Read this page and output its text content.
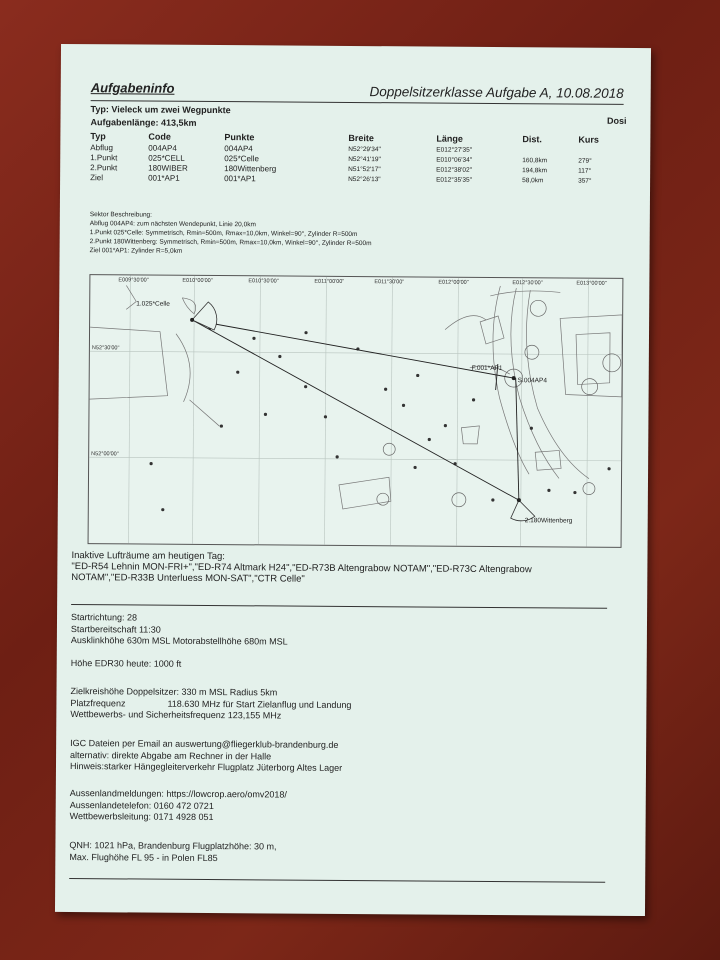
Aufgabeninfo	Doppelsitzerklasse Aufgabe A, 10.08.2018
Typ: Vieleck um zwei Wegpunkte
Aufgabenlänge: 413,5km	Dosi
Typ	Code	Punkte	Breite	Länge	Dist.	Kurs
Abflug	004AP4	004AP4	N52°29'34"	E012°27'35"		
1.Punkt	025*CELL	025*Celle	N52°41'19"	E010°06'34"	160,8km	279°
2.Punkt	180WIBER	180Wittenberg	N51°52'17"	E012°38'02"	194,8km	117°
Ziel	001*AP1	001*AP1	N52°26'13"	E012°35'35"	58,0km	357°
Sektor Beschreibung:
Abflug 004AP4: zum nächsten Wendepunkt, Linie 20,0km
1.Punkt 025*Celle: Symmetrisch, Rmin=500m, Rmax=10,0km, Winkel=90°, Zylinder R=500m
2.Punkt 180Wittenberg: Symmetrisch, Rmin=500m, Rmax=10,0km, Winkel=90°, Zylinder R=500m
Ziel 001*AP1: Zylinder R=5,0km
E009°30'00"	E010°00'00"	E010°30'00"	E011°00'00"	E011°30'00"	E012°00'00"	E012°30'00"	E013°00'00"
N52°30'00"
N52°00'00"
1.025*Celle
F.001*AP1
S.004AP4
2.180Wittenberg
Inaktive Lufträume am heutigen Tag:
"ED-R54 Lehnin MON-FRI+","ED-R74 Altmark H24","ED-R73B Altengrabow NOTAM","ED-R73C Altengrabow NOTAM","ED-R33B Unterluess MON-SAT","CTR Celle"
Startrichtung: 28
Startbereitschaft 11:30
Ausklinkhöhe 630m MSL Motorabstellhöhe 680m MSL
Höhe EDR30 heute: 1000 ft
Zielkreishöhe Doppelsitzer: 330 m MSL Radius 5km
Platzfrequenz	118.630 MHz für Start Zielanflug und Landung
Wettbewerbs- und Sicherheitsfrequenz 123,155 MHz
IGC Dateien per Email an auswertung@fliegerklub-brandenburg.de
alternativ: direkte Abgabe am Rechner in der Halle
Hinweis:starker Hängegleiterverkehr Flugplatz Jüterborg Altes Lager
Aussenlandmeldungen: https://lowcrop.aero/omv2018/
Aussenlandetelefon: 0160 472 0721
Wettbewerbsleitung: 0171 4928 051
QNH: 1021 hPa, Brandenburg Flugplatzhöhe: 30 m,
Max. Flughöhe FL 95 - in Polen FL85
